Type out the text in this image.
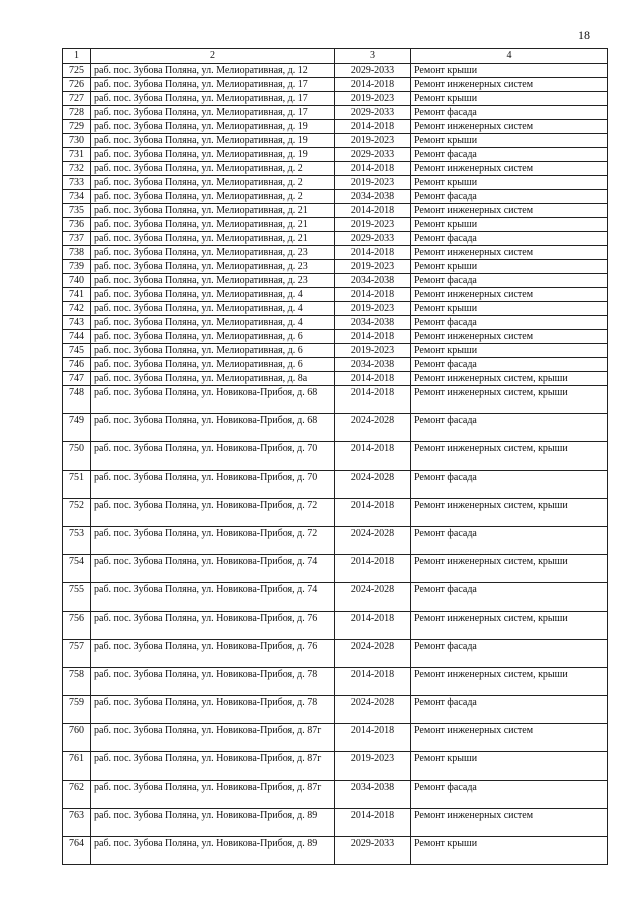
18
1	2	3	4
725	раб. пос. Зубова Поляна, ул. Мелиоративная, д. 12	2029-2033	Ремонт крыши
726	раб. пос. Зубова Поляна, ул. Мелиоративная, д. 17	2014-2018	Ремонт инженерных систем
727	раб. пос. Зубова Поляна, ул. Мелиоративная, д. 17	2019-2023	Ремонт крыши
728	раб. пос. Зубова Поляна, ул. Мелиоративная, д. 17	2029-2033	Ремонт фасада
729	раб. пос. Зубова Поляна, ул. Мелиоративная, д. 19	2014-2018	Ремонт инженерных систем
730	раб. пос. Зубова Поляна, ул. Мелиоративная, д. 19	2019-2023	Ремонт крыши
731	раб. пос. Зубова Поляна, ул. Мелиоративная, д. 19	2029-2033	Ремонт фасада
732	раб. пос. Зубова Поляна, ул. Мелиоративная, д. 2	2014-2018	Ремонт инженерных систем
733	раб. пос. Зубова Поляна, ул. Мелиоративная, д. 2	2019-2023	Ремонт крыши
734	раб. пос. Зубова Поляна, ул. Мелиоративная, д. 2	2034-2038	Ремонт фасада
735	раб. пос. Зубова Поляна, ул. Мелиоративная, д. 21	2014-2018	Ремонт инженерных систем
736	раб. пос. Зубова Поляна, ул. Мелиоративная, д. 21	2019-2023	Ремонт крыши
737	раб. пос. Зубова Поляна, ул. Мелиоративная, д. 21	2029-2033	Ремонт фасада
738	раб. пос. Зубова Поляна, ул. Мелиоративная, д. 23	2014-2018	Ремонт инженерных систем
739	раб. пос. Зубова Поляна, ул. Мелиоративная, д. 23	2019-2023	Ремонт крыши
740	раб. пос. Зубова Поляна, ул. Мелиоративная, д. 23	2034-2038	Ремонт фасада
741	раб. пос. Зубова Поляна, ул. Мелиоративная, д. 4	2014-2018	Ремонт инженерных систем
742	раб. пос. Зубова Поляна, ул. Мелиоративная, д. 4	2019-2023	Ремонт крыши
743	раб. пос. Зубова Поляна, ул. Мелиоративная, д. 4	2034-2038	Ремонт фасада
744	раб. пос. Зубова Поляна, ул. Мелиоративная, д. 6	2014-2018	Ремонт инженерных систем
745	раб. пос. Зубова Поляна, ул. Мелиоративная, д. 6	2019-2023	Ремонт крыши
746	раб. пос. Зубова Поляна, ул. Мелиоративная, д. 6	2034-2038	Ремонт фасада
747	раб. пос. Зубова Поляна, ул. Мелиоративная, д. 8а	2014-2018	Ремонт инженерных систем, крыши
748	раб. пос. Зубова Поляна, ул. Новикова-Прибоя, д. 68	2014-2018	Ремонт инженерных систем, крыши
749	раб. пос. Зубова Поляна, ул. Новикова-Прибоя, д. 68	2024-2028	Ремонт фасада
750	раб. пос. Зубова Поляна, ул. Новикова-Прибоя, д. 70	2014-2018	Ремонт инженерных систем, крыши
751	раб. пос. Зубова Поляна, ул. Новикова-Прибоя, д. 70	2024-2028	Ремонт фасада
752	раб. пос. Зубова Поляна, ул. Новикова-Прибоя, д. 72	2014-2018	Ремонт инженерных систем, крыши
753	раб. пос. Зубова Поляна, ул. Новикова-Прибоя, д. 72	2024-2028	Ремонт фасада
754	раб. пос. Зубова Поляна, ул. Новикова-Прибоя, д. 74	2014-2018	Ремонт инженерных систем, крыши
755	раб. пос. Зубова Поляна, ул. Новикова-Прибоя, д. 74	2024-2028	Ремонт фасада
756	раб. пос. Зубова Поляна, ул. Новикова-Прибоя, д. 76	2014-2018	Ремонт инженерных систем, крыши
757	раб. пос. Зубова Поляна, ул. Новикова-Прибоя, д. 76	2024-2028	Ремонт фасада
758	раб. пос. Зубова Поляна, ул. Новикова-Прибоя, д. 78	2014-2018	Ремонт инженерных систем, крыши
759	раб. пос. Зубова Поляна, ул. Новикова-Прибоя, д. 78	2024-2028	Ремонт фасада
760	раб. пос. Зубова Поляна, ул. Новикова-Прибоя, д. 87г	2014-2018	Ремонт инженерных систем
761	раб. пос. Зубова Поляна, ул. Новикова-Прибоя, д. 87г	2019-2023	Ремонт крыши
762	раб. пос. Зубова Поляна, ул. Новикова-Прибоя, д. 87г	2034-2038	Ремонт фасада
763	раб. пос. Зубова Поляна, ул. Новикова-Прибоя, д. 89	2014-2018	Ремонт инженерных систем
764	раб. пос. Зубова Поляна, ул. Новикова-Прибоя, д. 89	2029-2033	Ремонт крыши
